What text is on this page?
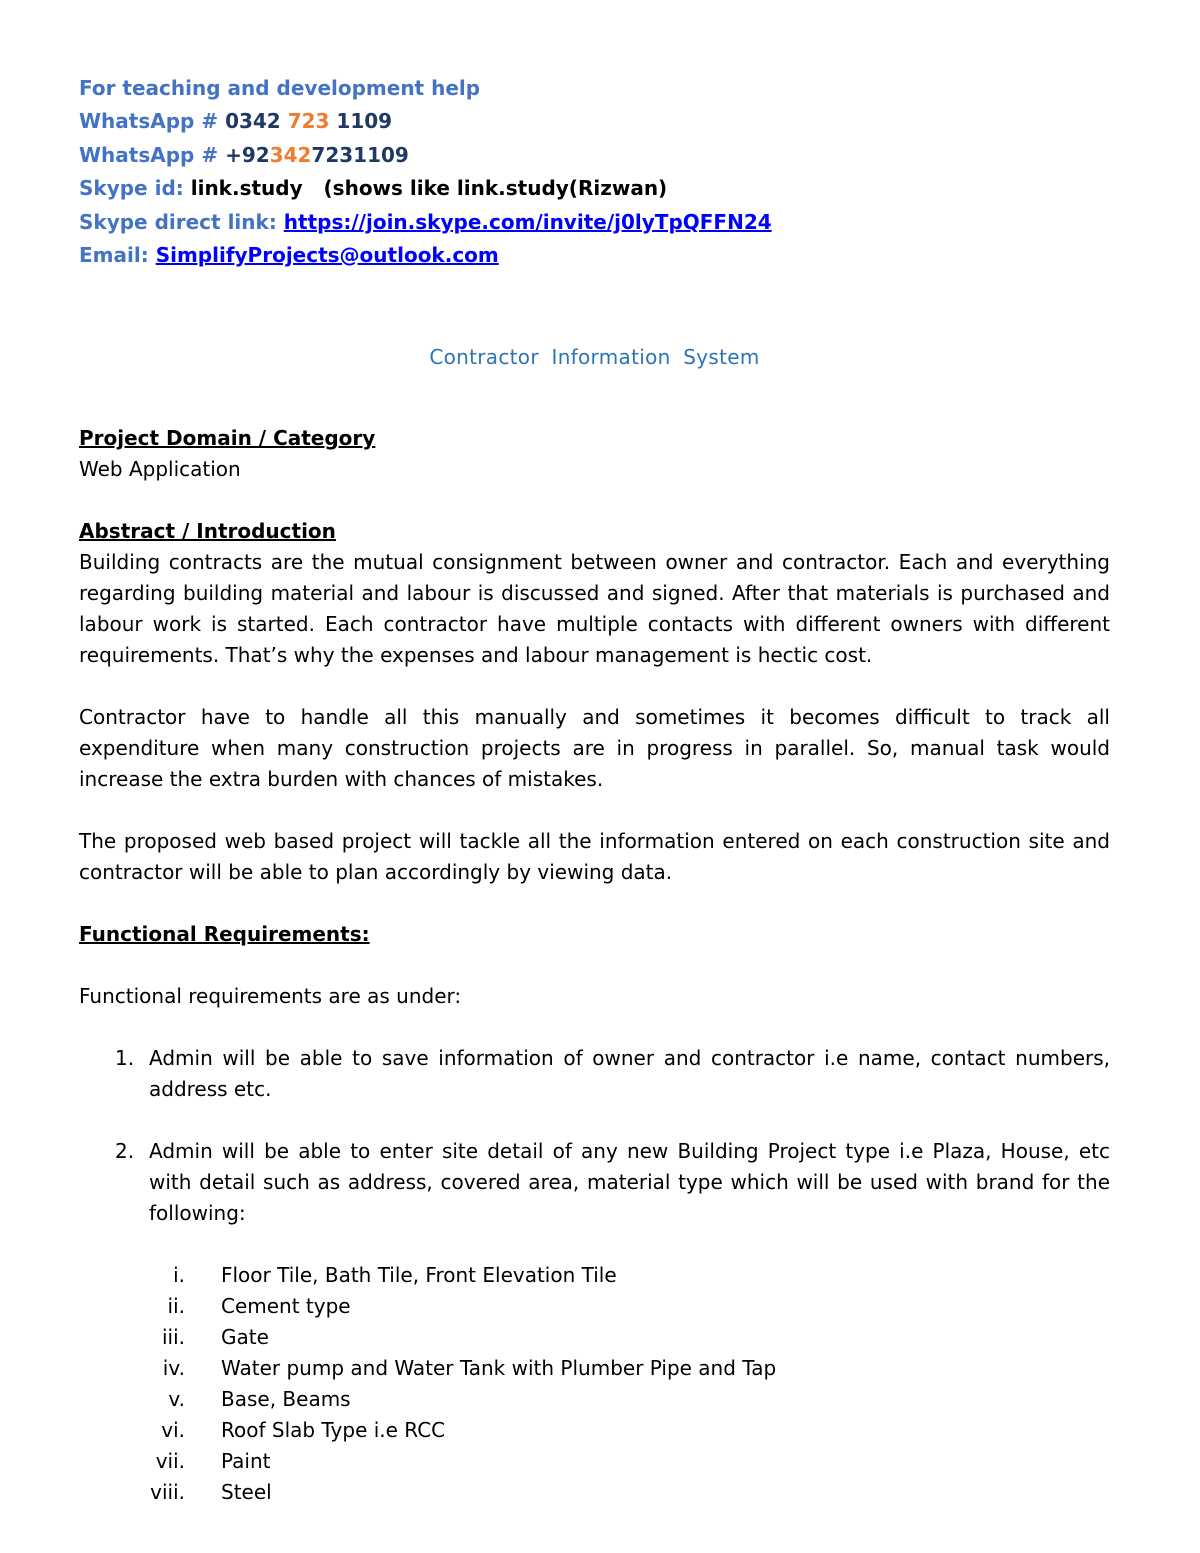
For teaching and development help
WhatsApp # 0342 723 1109
WhatsApp # +923427231109
Skype id: link.study (shows like link.study(Rizwan)
Skype direct link: https://join.skype.com/invite/j0lyTpQFFN24
Email: SimplifyProjects@outlook.com
Contractor Information System
Project Domain / Category
Web Application
Abstract / Introduction

Building contracts are the mutual consignment between owner and contractor. Each and everything regarding building material and labour is discussed and signed. After that materials is purchased and labour work is started. Each contractor have multiple contacts with different owners with different requirements. That’s why the expenses and labour management is hectic cost.

Contractor have to handle all this manually and sometimes it becomes difficult to track all expenditure when many construction projects are in progress in parallel. So, manual task would increase the extra burden with chances of mistakes.

The proposed web based project will tackle all the information entered on each construction site and contractor will be able to plan accordingly by viewing data.

Functional Requirements:
Functional requirements are as under:
1. Admin will be able to save information of owner and contractor i.e name, contact numbers, address etc.
2. Admin will be able to enter site detail of any new Building Project type i.e Plaza, House, etc with detail such as address, covered area, material type which will be used with brand for the following:
i. Floor Tile, Bath Tile, Front Elevation Tile
ii. Cement type
iii. Gate
iv. Water pump and Water Tank with Plumber Pipe and Tap
v. Base, Beams
vi. Roof Slab Type i.e RCC
vii. Paint
viii. Steel
